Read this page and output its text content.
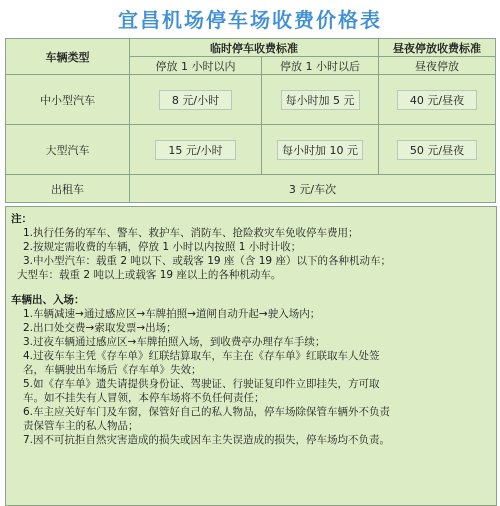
宜昌机场停车场收费价格表
车辆类型	临时停车收费标准		昼夜停放收费标准
	停放 1 小时以内	停放 1 小时以后	昼夜停放
中小型汽车	8 元/小时	每小时加 5 元	40 元/昼夜
大型汽车	15 元/小时	每小时加 10 元	50 元/昼夜
出租车	3 元/车次		
注：
1.执行任务的军车、警车、救护车、消防车、抢险救灾车免收停车费用；
2.按规定需收费的车辆，停放 1 小时以内按照 1 小时计收；
3.中小型汽车：载重 2 吨以下、或载客 19 座（含 19 座）以下的各种机动车；
大型车：载重 2 吨以上或载客 19 座以上的各种机动车。
车辆出、入场：
1.车辆减速→通过感应区→车牌拍照→道闸自动升起→驶入场内；
2.出口处交费→索取发票→出场；
3.过夜车辆通过感应区→车牌拍照入场，到收费亭办理存车手续；
4.过夜车车主凭《存车单》红联结算取车，车主在《存车单》红联取车人处签
名，车辆驶出车场后《存车单》失效；
5.如《存车单》遗失请提供身份证、驾驶证、行驶证复印件立即挂失，方可取
车。如不挂失有人冒领，本停车场将不负任何责任；
6.车主应关好车门及车窗，保管好自己的私人物品，停车场除保管车辆外不负责
责保管车主的私人物品；
7.因不可抗拒自然灾害造成的损失或因车主失误造成的损失，停车场均不负责。
